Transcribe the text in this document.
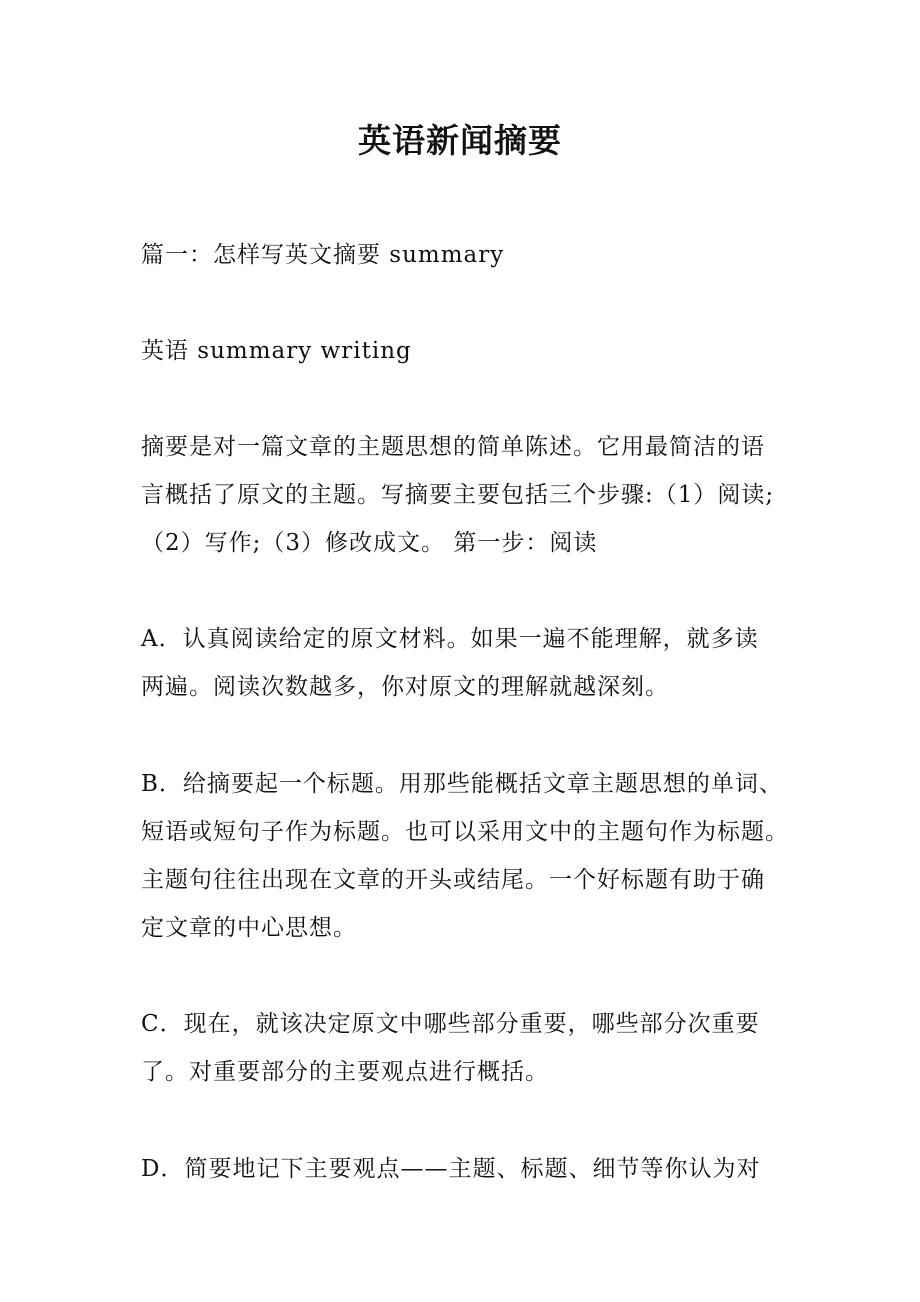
英语新闻摘要

篇一：怎样写英文摘要 summary

英语 summary writing

摘要是对一篇文章的主题思想的简单陈述。它用最简洁的语
言概括了原文的主题。写摘要主要包括三个步骤:（1）阅读;
（2）写作;（3）修改成文。 第一步：阅读

A．认真阅读给定的原文材料。如果一遍不能理解，就多读
两遍。阅读次数越多，你对原文的理解就越深刻。

B．给摘要起一个标题。用那些能概括文章主题思想的单词、
短语或短句子作为标题。也可以采用文中的主题句作为标题。
主题句往往出现在文章的开头或结尾。一个好标题有助于确
定文章的中心思想。

C．现在，就该决定原文中哪些部分重要，哪些部分次重要
了。对重要部分的主要观点进行概括。

D．简要地记下主要观点——主题、标题、细节等你认为对
